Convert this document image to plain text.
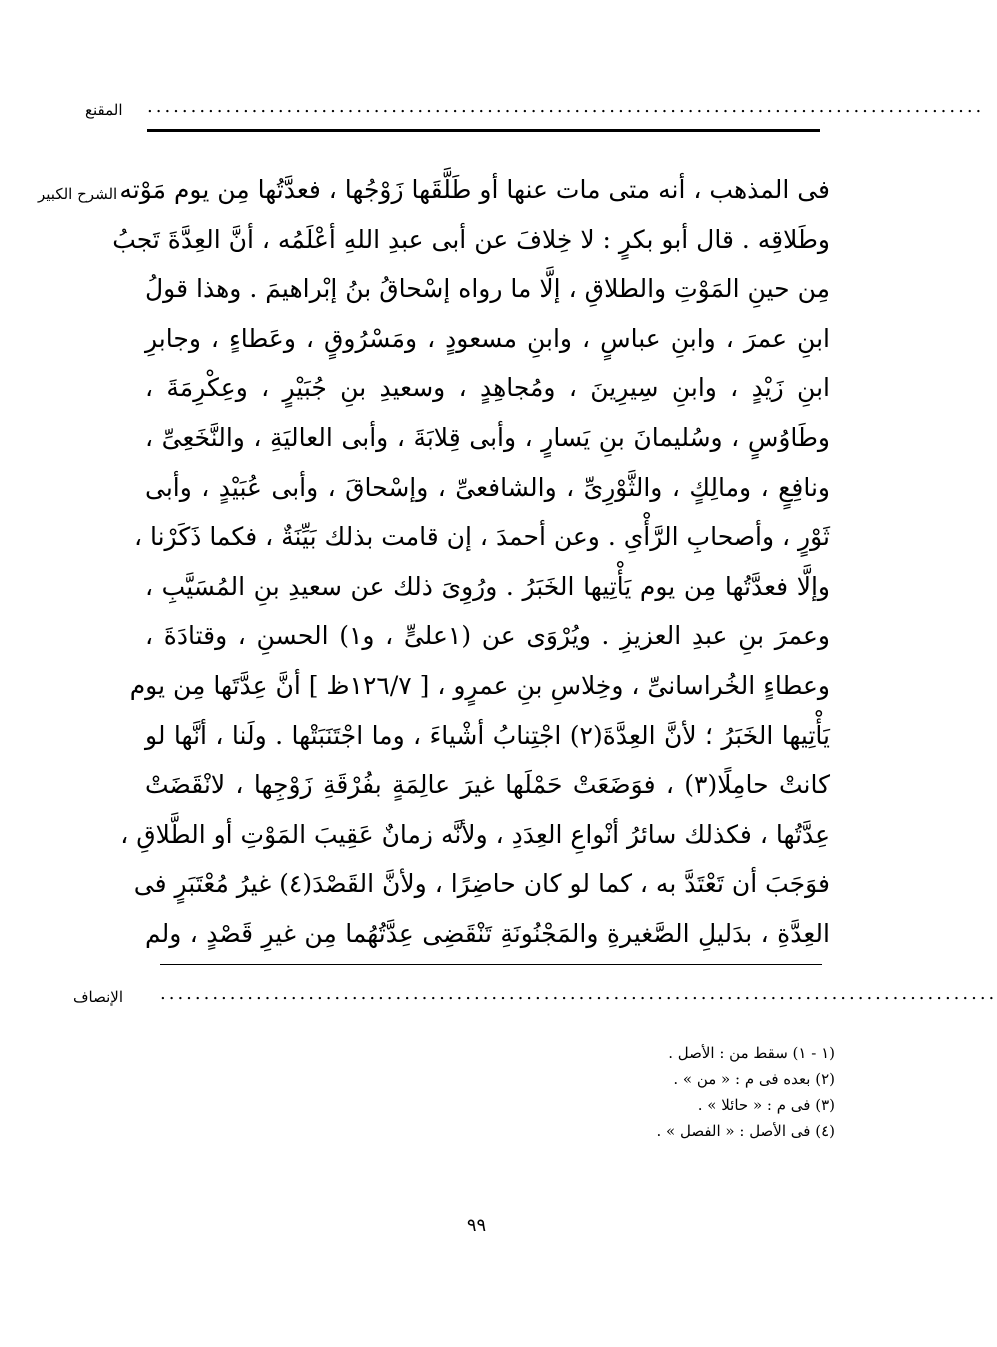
المقنع ................................................................................................
الشرح الكبير فى المذهب ، أنه متى مات عنها أو طَلَّقَها زَوْجُها ، فعدَّتُها مِن يوم مَوْته
وطَلاقِه . قال أبو بكرٍ : لا خِلافَ عن أبى عبدِ اللهِ أعْلَمُه ، أنَّ العِدَّةَ تَجبُ
مِن حينِ المَوْتِ والطلاقِ ، إلَّا ما رواه إسْحاقُ بنُ إبْراهيمَ . وهذا قولُ
ابنِ عمرَ ، وابنِ عباسٍ ، وابنِ مسعودٍ ، ومَسْرُوقٍ ، وعَطاءٍ ، وجابرِ
ابنِ زَيْدٍ ، وابنِ سِيرِينَ ، ومُجاهِدٍ ، وسعيدِ بنِ جُبَيْرٍ ، وعِكْرِمَةَ ،
وطَاوُسٍ ، وسُليمانَ بنِ يَسارٍ ، وأبى قِلابَةَ ، وأبى العاليَةِ ، والنَّخَعِىِّ ،
ونافِعٍ ، ومالِكٍ ، والثَّوْرِىِّ ، والشافعىِّ ، وإسْحاقَ ، وأبى عُبَيْدٍ ، وأبى
ثَوْرٍ ، وأصحابِ الرَّأْىِ . وعن أحمدَ ، إن قامت بذلك بَيِّنَةٌ ، فكما ذَكَرْنا ،
وإلَّا فعدَّتُها مِن يوم يَأْتِيها الخَبَرُ . ورُوِىَ ذلك عن سعيدِ بنِ المُسَيَّبِ ،
وعمرَ بنِ عبدِ العزيزِ . ويُرْوَى عن (١علىٍّ ، و١) الحسنِ ، وقتادَةَ ،
وعطاءٍ الخُراسانىِّ ، وخِلاسِ بنِ عمرٍو ، [ ١٢٦/٧ظ ] أنَّ عِدَّتَها مِن يوم
يَأْتِيها الخَبَرُ ؛ لأنَّ العِدَّةَ(٢) اجْتِنابُ أشْياءَ ، وما اجْتَنَبَتْها . ولَنا ، أنَّها لو
كانتْ حامِلًا(٣) ، فوَضَعَتْ حَمْلَها غيرَ عالِمَةٍ بفُرْقَةِ زَوْجِها ، لانْقَضَتْ
عِدَّتُها ، فكذلك سائرُ أنْواعِ العِدَدِ ، ولأنَّه زمانٌ عَقِيبَ المَوْتِ أو الطَّلاقِ ،
فوَجَبَ أن تَعْتَدَّ به ، كما لو كان حاضِرًا ، ولأنَّ القَصْدَ(٤) غيرُ مُعْتَبَرٍ فى
العِدَّةِ ، بدَليلِ الصَّغيرةِ والمَجْنُونَةِ تَنْقَضِى عِدَّتُهُما مِن غيرِ قَصْدٍ ، ولم
الإنصاف ................................................................................................
(١ - ١) سقط من : الأصل .
(٢) بعده فى م : « من » .
(٣) فى م : « حائلا » .
(٤) فى الأصل : « الفصل » .
٩٩
